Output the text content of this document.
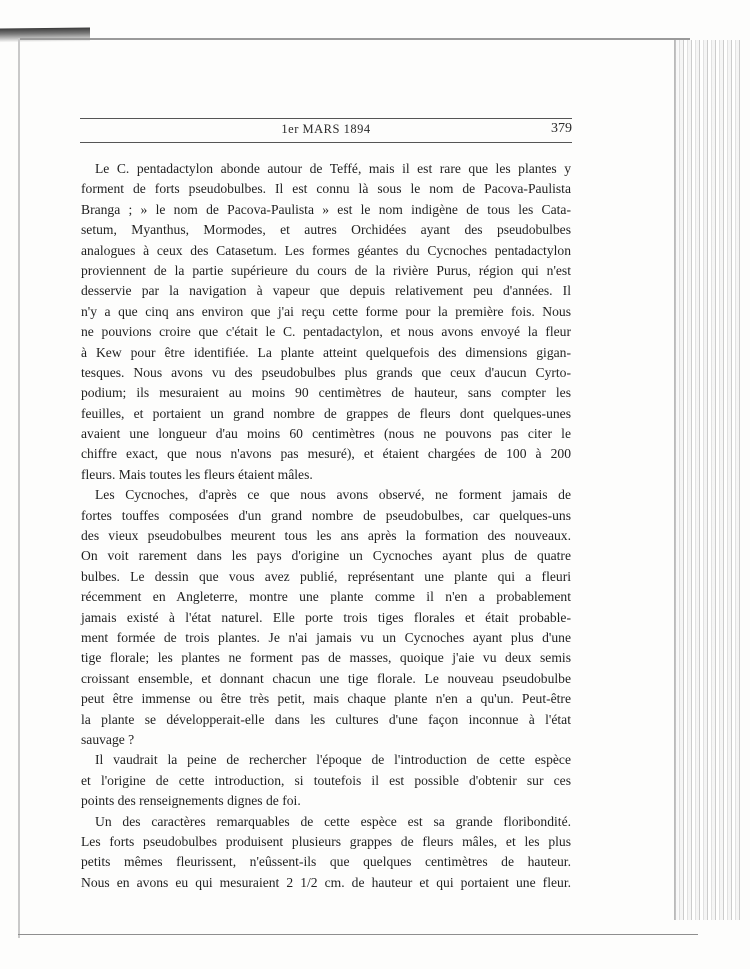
1er MARS 1894	379
Le C. pentadactylon abonde autour de Teffé, mais il est rare que les plantes y
forment de forts pseudobulbes. Il est connu là sous le nom de Pacova-Paulista
Branga ; » le nom de Pacova-Paulista » est le nom indigène de tous les Cata-
setum, Myanthus, Mormodes, et autres Orchidées ayant des pseudobulbes
analogues à ceux des Catasetum. Les formes géantes du Cycnoches pentadactylon
proviennent de la partie supérieure du cours de la rivière Purus, région qui n'est
desservie par la navigation à vapeur que depuis relativement peu d'années. Il
n'y a que cinq ans environ que j'ai reçu cette forme pour la première fois. Nous
ne pouvions croire que c'était le C. pentadactylon, et nous avons envoyé la fleur
à Kew pour être identifiée. La plante atteint quelquefois des dimensions gigan-
tesques. Nous avons vu des pseudobulbes plus grands que ceux d'aucun Cyrto-
podium; ils mesuraient au moins 90 centimètres de hauteur, sans compter les
feuilles, et portaient un grand nombre de grappes de fleurs dont quelques-unes
avaient une longueur d'au moins 60 centimètres (nous ne pouvons pas citer le
chiffre exact, que nous n'avons pas mesuré), et étaient chargées de 100 à 200
fleurs. Mais toutes les fleurs étaient mâles.
Les Cycnoches, d'après ce que nous avons observé, ne forment jamais de
fortes touffes composées d'un grand nombre de pseudobulbes, car quelques-uns
des vieux pseudobulbes meurent tous les ans après la formation des nouveaux.
On voit rarement dans les pays d'origine un Cycnoches ayant plus de quatre
bulbes. Le dessin que vous avez publié, représentant une plante qui a fleuri
récemment en Angleterre, montre une plante comme il n'en a probablement
jamais existé à l'état naturel. Elle porte trois tiges florales et était probable-
ment formée de trois plantes. Je n'ai jamais vu un Cycnoches ayant plus d'une
tige florale; les plantes ne forment pas de masses, quoique j'aie vu deux semis
croissant ensemble, et donnant chacun une tige florale. Le nouveau pseudobulbe
peut être immense ou être très petit, mais chaque plante n'en a qu'un. Peut-être
la plante se développerait-elle dans les cultures d'une façon inconnue à l'état
sauvage ?
Il vaudrait la peine de rechercher l'époque de l'introduction de cette espèce
et l'origine de cette introduction, si toutefois il est possible d'obtenir sur ces
points des renseignements dignes de foi.
Un des caractères remarquables de cette espèce est sa grande floribondité.
Les forts pseudobulbes produisent plusieurs grappes de fleurs mâles, et les plus
petits mêmes fleurissent, n'eûssent-ils que quelques centimètres de hauteur.
Nous en avons eu qui mesuraient 2 1/2 cm. de hauteur et qui portaient une fleur.
